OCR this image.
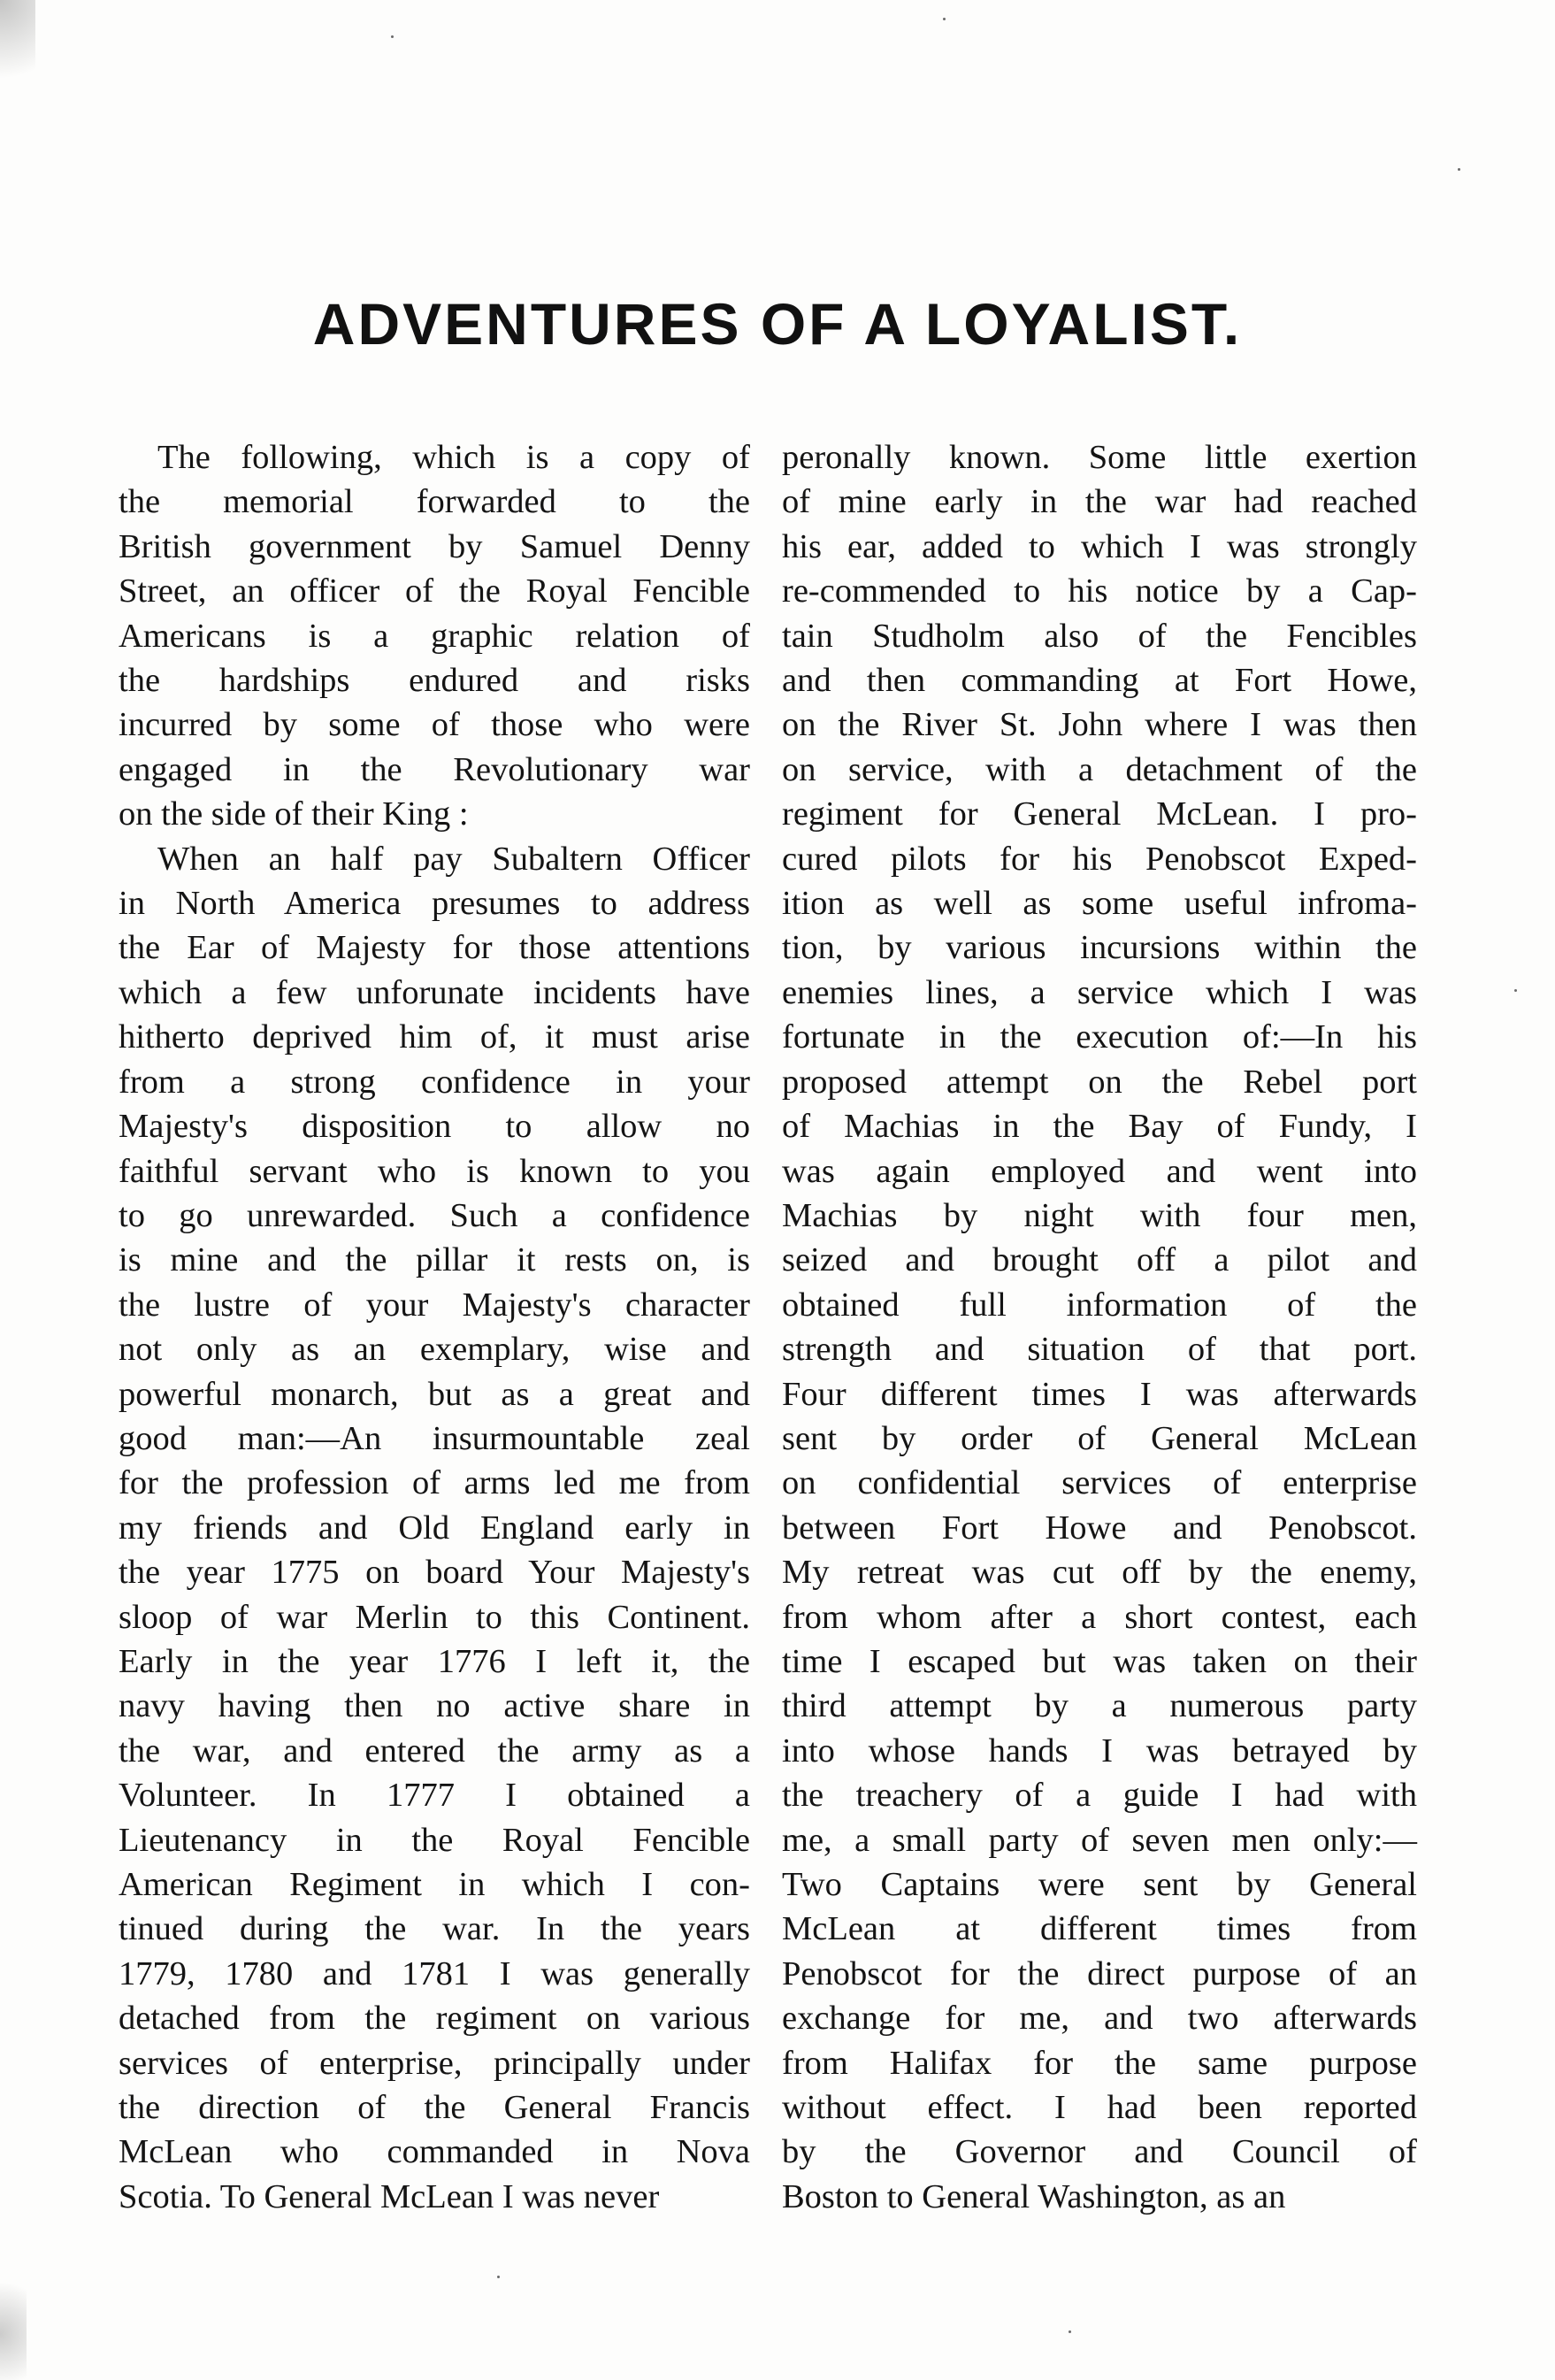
ADVENTURES OF A LOYALIST.
The following, which is a copy of
the memorial forwarded to the
British government by Samuel Denny
Street, an officer of the Royal Fencible
Americans is a graphic relation of
the hardships endured and risks
incurred by some of those who were
engaged in the Revolutionary war
on the side of their King :
When an half pay Subaltern Officer
in North America presumes to address
the Ear of Majesty for those attentions
which a few unforunate incidents have
hitherto deprived him of, it must arise
from a strong confidence in your
Majesty's disposition to allow no
faithful servant who is known to you
to go unrewarded. Such a confidence
is mine and the pillar it rests on, is
the lustre of your Majesty's character
not only as an exemplary, wise and
powerful monarch, but as a great and
good man:—An insurmountable zeal
for the profession of arms led me from
my friends and Old England early in
the year 1775 on board Your Majesty's
sloop of war Merlin to this Continent.
Early in the year 1776 I left it, the
navy having then no active share in
the war, and entered the army as a
Volunteer. In 1777 I obtained a
Lieutenancy in the Royal Fencible
American Regiment in which I con-
tinued during the war. In the years
1779, 1780 and 1781 I was generally
detached from the regiment on various
services of enterprise, principally under
the direction of the General Francis
McLean who commanded in Nova
Scotia. To General McLean I was never
peronally known. Some little exertion
of mine early in the war had reached
his ear, added to which I was strongly
re-commended to his notice by a Cap-
tain Studholm also of the Fencibles
and then commanding at Fort Howe,
on the River St. John where I was then
on service, with a detachment of the
regiment for General McLean. I pro-
cured pilots for his Penobscot Exped-
ition as well as some useful infroma-
tion, by various incursions within the
enemies lines, a service which I was
fortunate in the execution of:—In his
proposed attempt on the Rebel port
of Machias in the Bay of Fundy, I
was again employed and went into
Machias by night with four men,
seized and brought off a pilot and
obtained full information of the
strength and situation of that port.
Four different times I was afterwards
sent by order of General McLean
on confidential services of enterprise
between Fort Howe and Penobscot.
My retreat was cut off by the enemy,
from whom after a short contest, each
time I escaped but was taken on their
third attempt by a numerous party
into whose hands I was betrayed by
the treachery of a guide I had with
me, a small party of seven men only:—
Two Captains were sent by General
McLean at different times from
Penobscot for the direct purpose of an
exchange for me, and two afterwards
from Halifax for the same purpose
without effect. I had been reported
by the Governor and Council of
Boston to General Washington, as an
